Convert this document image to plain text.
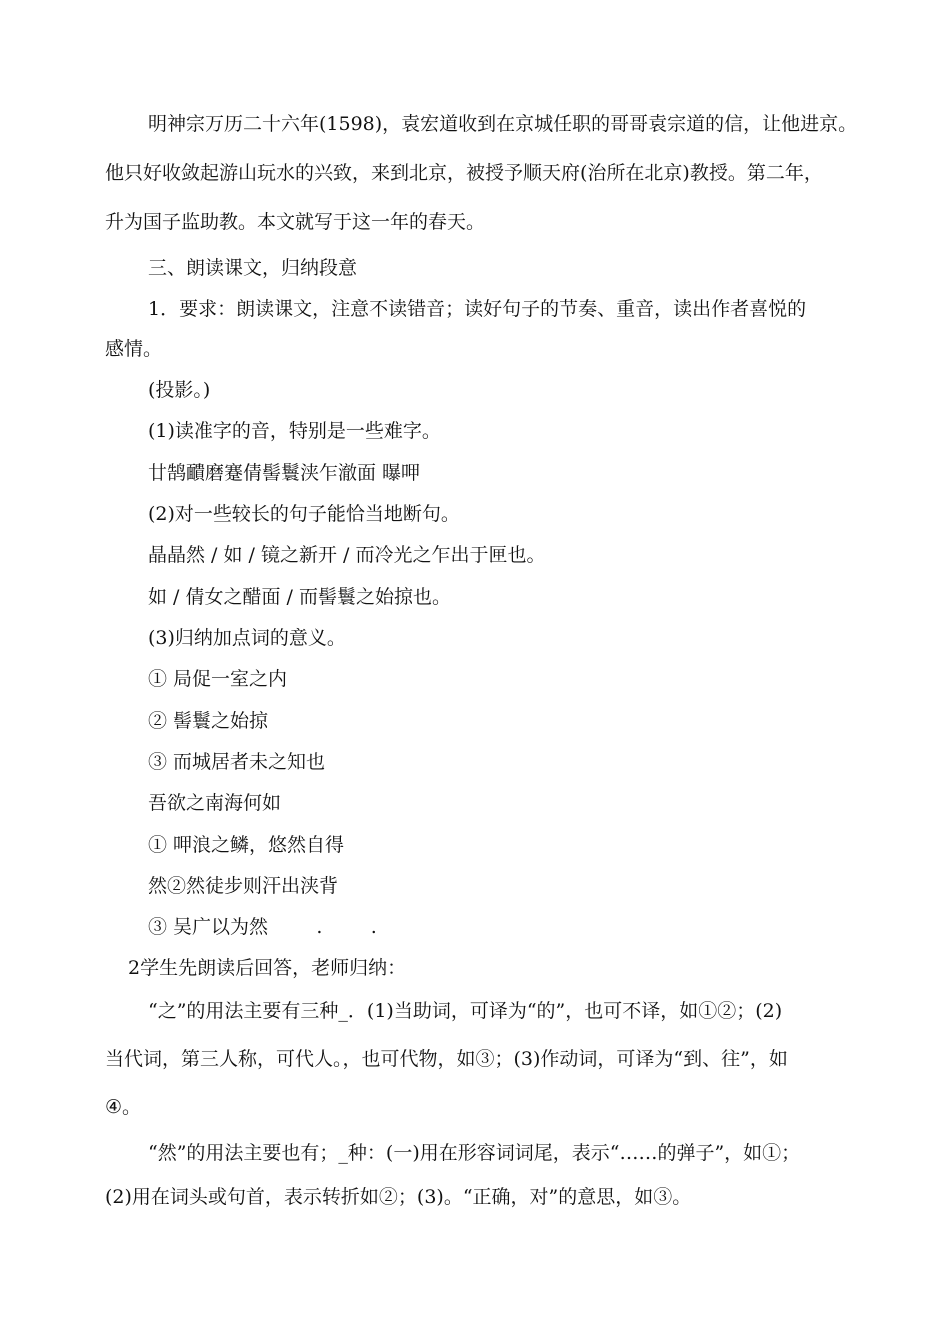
明神宗万历二十六年(1598)，袁宏道收到在京城任职的哥哥袁宗道的信，让他进京。
他只好收敛起游山玩水的兴致，来到北京，被授予顺天府(治所在北京)教授。第二年，
升为国子监助教。本文就写于这一年的春天。
三、朗读课文，归纳段意
1．要求：朗读课文，注意不读错音；读好句子的节奏、重音，读出作者喜悦的
感情。
(投影。)
(1)读准字的音，特别是一些难字。
廿鹄靧磨蹇倩髻鬟浃乍澈面 曝呷
(2)对一些较长的句子能恰当地断句。
晶晶然 / 如 / 镜之新开 / 而冷光之乍出于匣也。
如 / 倩女之醋面 / 而髻鬟之始掠也。
(3)归纳加点词的意义。
① 局促一室之内
② 髻鬟之始掠
③ 而城居者未之知也
吾欲之南海何如
① 呷浪之鳞，悠然自得
然②然徒步则汗出浃背
③ 吴广以为然        .        .
2学生先朗读后回答，老师归纳：
“之”的用法主要有三种_．(1)当助词，可译为“的”，也可不译，如①②；(2)
当代词，第三人称，可代人。，也可代物，如③；(3)作动词，可译为“到、往”，如
④。
“然”的用法主要也有；_种：(一)用在形容词词尾，表示“……的弹子”，如①；
(2)用在词头或句首，表示转折如②；(3)。“正确，对”的意思，如③。
